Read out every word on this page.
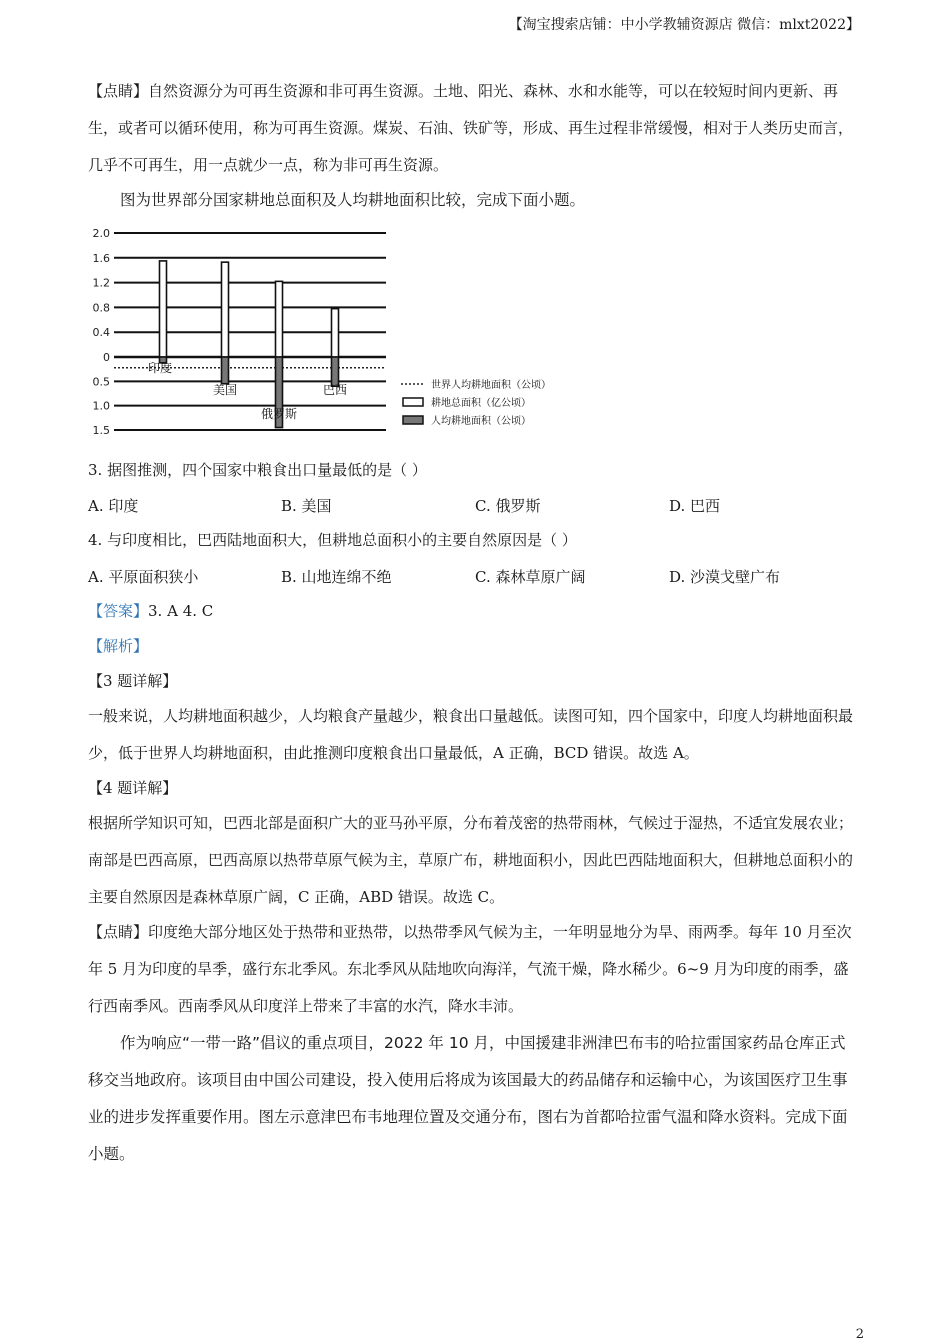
【淘宝搜索店铺：中小学教辅资源店 微信：mlxt2022】
【点睛】自然资源分为可再生资源和非可再生资源。土地、阳光、森林、水和水能等，可以在较短时间内更新、再生，或者可以循环使用，称为可再生资源。煤炭、石油、铁矿等，形成、再生过程非常缓慢，相对于人类历史而言，几乎不可再生，用一点就少一点，称为非可再生资源。
图为世界部分国家耕地总面积及人均耕地面积比较，完成下面小题。
2.0
1.6
1.2
0.8
0.4
0
0.5
1.0
1.5
印度
美国
俄罗斯
巴西	世界人均耕地面积（公顷）
耕地总面积（亿公顷）
人均耕地面积（公顷）
3. 据图推测，四个国家中粮食出口量最低的是（ ）
A. 印度	B. 美国	C. 俄罗斯	D. 巴西
4. 与印度相比，巴西陆地面积大，但耕地总面积小的主要自然原因是（ ）
A. 平原面积狭小	B. 山地连绵不绝	C. 森林草原广阔	D. 沙漠戈壁广布
【答案】3. A 4. C
【解析】
【3 题详解】
一般来说，人均耕地面积越少，人均粮食产量越少，粮食出口量越低。读图可知，四个国家中，印度人均耕地面积最少，低于世界人均耕地面积，由此推测印度粮食出口量最低，A 正确，BCD 错误。故选 A。
【4 题详解】
根据所学知识可知，巴西北部是面积广大的亚马孙平原，分布着茂密的热带雨林，气候过于湿热，不适宜发展农业；南部是巴西高原，巴西高原以热带草原气候为主，草原广布，耕地面积小，因此巴西陆地面积大，但耕地总面积小的主要自然原因是森林草原广阔，C 正确，ABD 错误。故选 C。
【点睛】印度绝大部分地区处于热带和亚热带，以热带季风气候为主，一年明显地分为旱、雨两季。每年 10 月至次年 5 月为印度的旱季，盛行东北季风。东北季风从陆地吹向海洋，气流干燥，降水稀少。6~9 月为印度的雨季，盛行西南季风。西南季风从印度洋上带来了丰富的水汽，降水丰沛。
作为响应“一带一路”倡议的重点项目，2022 年 10 月，中国援建非洲津巴布韦的哈拉雷国家药品仓库正式移交当地政府。该项目由中国公司建设，投入使用后将成为该国最大的药品储存和运输中心，为该国医疗卫生事业的进步发挥重要作用。图左示意津巴布韦地理位置及交通分布，图右为首都哈拉雷气温和降水资料。完成下面小题。
2
